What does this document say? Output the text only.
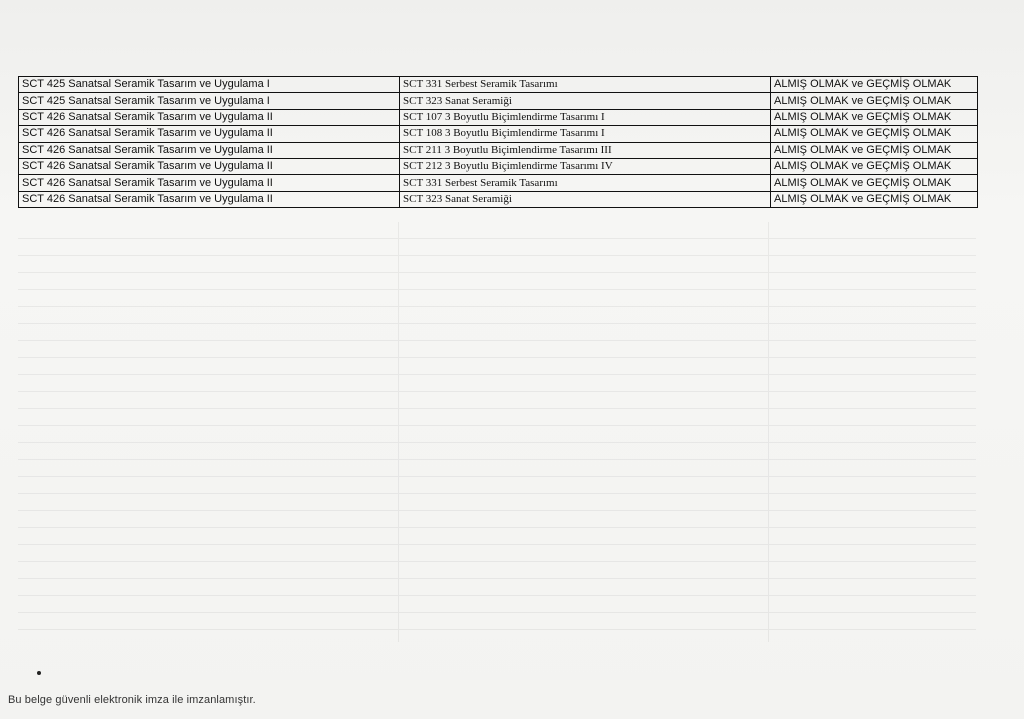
SCT 425 Sanatsal Seramik Tasarım ve Uygulama I	SCT 331 Serbest Seramik Tasarımı	ALMIŞ OLMAK ve GEÇMİŞ OLMAK
SCT 425 Sanatsal Seramik Tasarım ve Uygulama I	SCT 323 Sanat Seramiği	ALMIŞ OLMAK ve GEÇMİŞ OLMAK
SCT 426 Sanatsal Seramik Tasarım ve Uygulama II	SCT 107 3 Boyutlu Biçimlendirme Tasarımı I	ALMIŞ OLMAK ve GEÇMİŞ OLMAK
SCT 426 Sanatsal Seramik Tasarım ve Uygulama II	SCT 108 3 Boyutlu Biçimlendirme Tasarımı I	ALMIŞ OLMAK ve GEÇMİŞ OLMAK
SCT 426 Sanatsal Seramik Tasarım ve Uygulama II	SCT 211 3 Boyutlu Biçimlendirme Tasarımı III	ALMIŞ OLMAK ve GEÇMİŞ OLMAK
SCT 426 Sanatsal Seramik Tasarım ve Uygulama II	SCT 212 3 Boyutlu Biçimlendirme Tasarımı IV	ALMIŞ OLMAK ve GEÇMİŞ OLMAK
SCT 426 Sanatsal Seramik Tasarım ve Uygulama II	SCT 331 Serbest Seramik Tasarımı	ALMIŞ OLMAK ve GEÇMİŞ OLMAK
SCT 426 Sanatsal Seramik Tasarım ve Uygulama II	SCT 323 Sanat Seramiği	ALMIŞ OLMAK ve GEÇMİŞ OLMAK
Bu belge güvenli elektronik imza ile imzanlamıştır.
